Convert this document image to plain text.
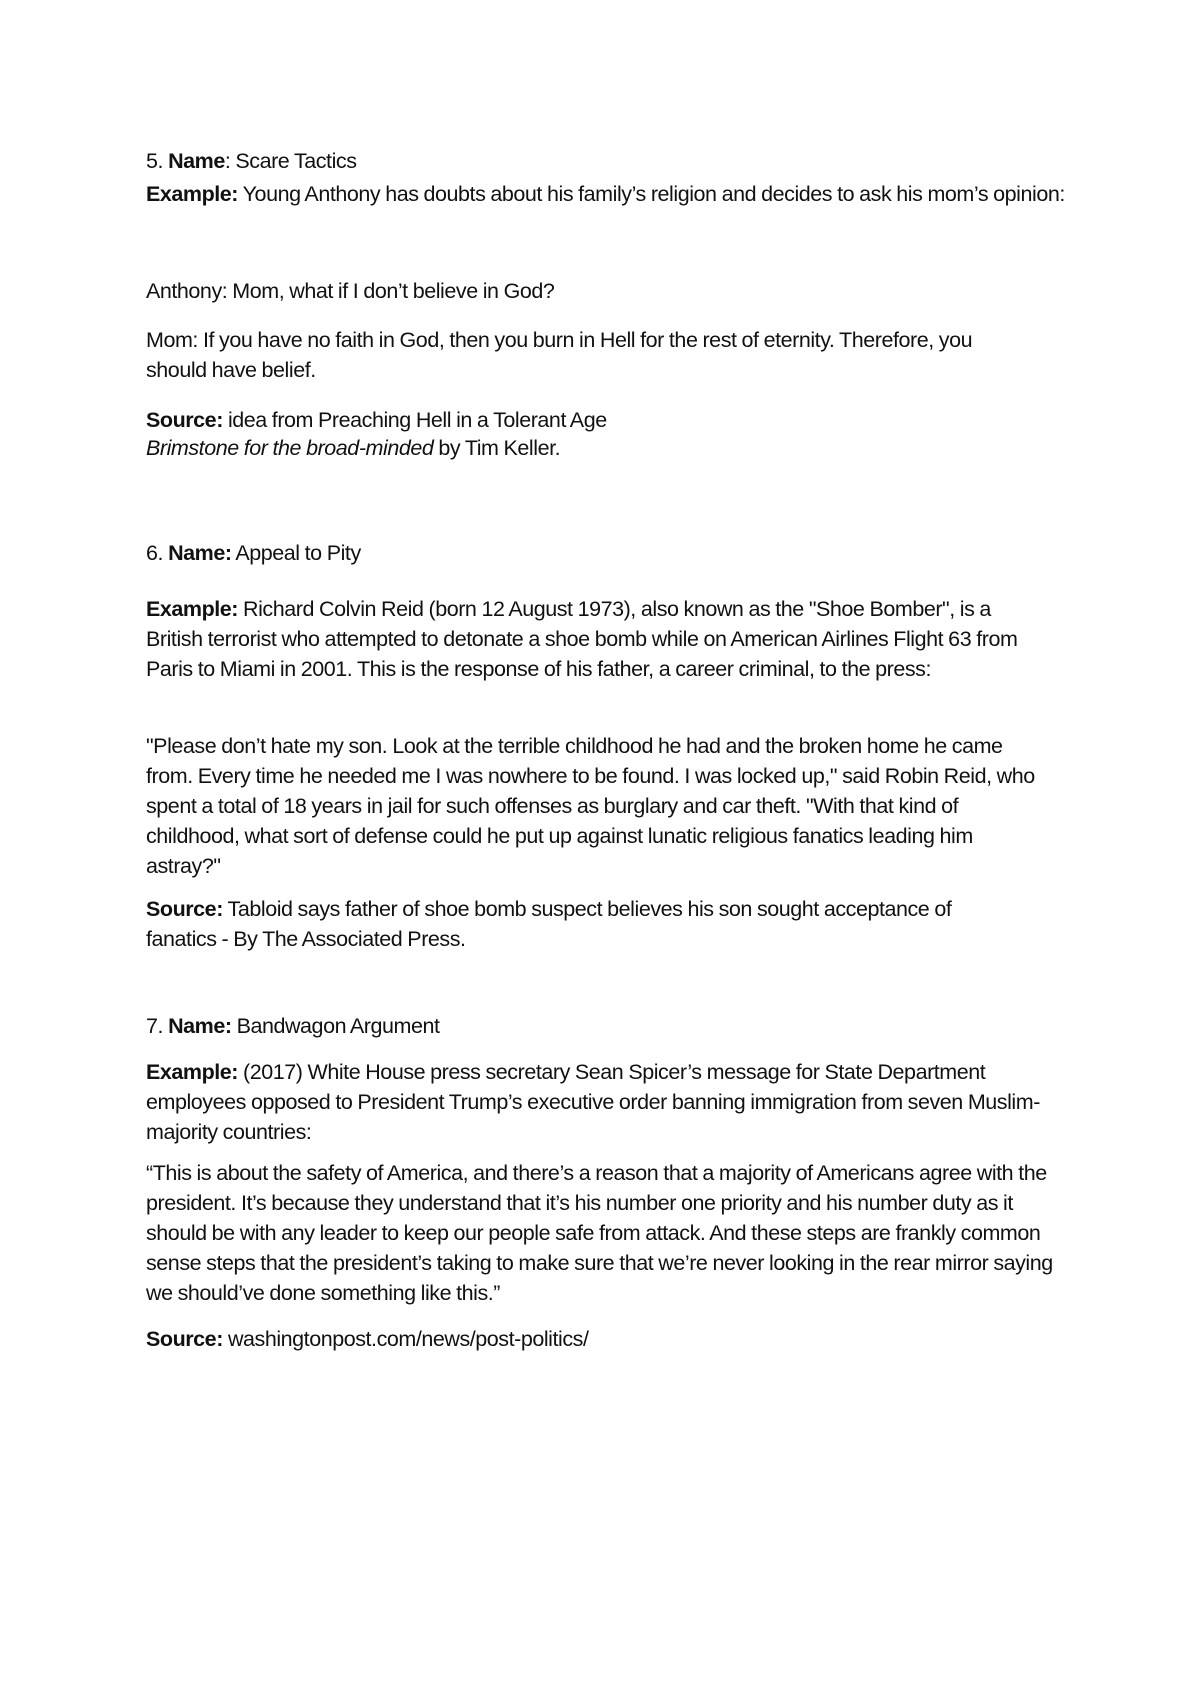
5. Name: Scare Tactics

Example: Young Anthony has doubts about his family’s religion and decides to ask his mom’s opinion:

Anthony: Mom, what if I don’t believe in God?

Mom: If you have no faith in God, then you burn in Hell for the rest of eternity. Therefore, you should have belief.

Source: idea from Preaching Hell in a Tolerant Age

Brimstone for the broad-minded by Tim Keller.

6. Name: Appeal to Pity

Example: Richard Colvin Reid (born 12 August 1973), also known as the "Shoe Bomber", is a British terrorist who attempted to detonate a shoe bomb while on American Airlines Flight 63 from Paris to Miami in 2001. This is the response of his father, a career criminal, to the press:

"Please don’t hate my son. Look at the terrible childhood he had and the broken home he came from. Every time he needed me I was nowhere to be found. I was locked up," said Robin Reid, who spent a total of 18 years in jail for such offenses as burglary and car theft. "With that kind of childhood, what sort of defense could he put up against lunatic religious fanatics leading him astray?"

Source: Tabloid says father of shoe bomb suspect believes his son sought acceptance of fanatics - By The Associated Press.

7. Name: Bandwagon Argument

Example: (2017) White House press secretary Sean Spicer’s message for State Department employees opposed to President Trump’s executive order banning immigration from seven Muslim-majority countries:

“This is about the safety of America, and there’s a reason that a majority of Americans agree with the president. It’s because they understand that it’s his number one priority and his number duty as it should be with any leader to keep our people safe from attack. And these steps are frankly common sense steps that the president’s taking to make sure that we’re never looking in the rear mirror saying we should’ve done something like this.”

Source: washingtonpost.com/news/post-politics/
